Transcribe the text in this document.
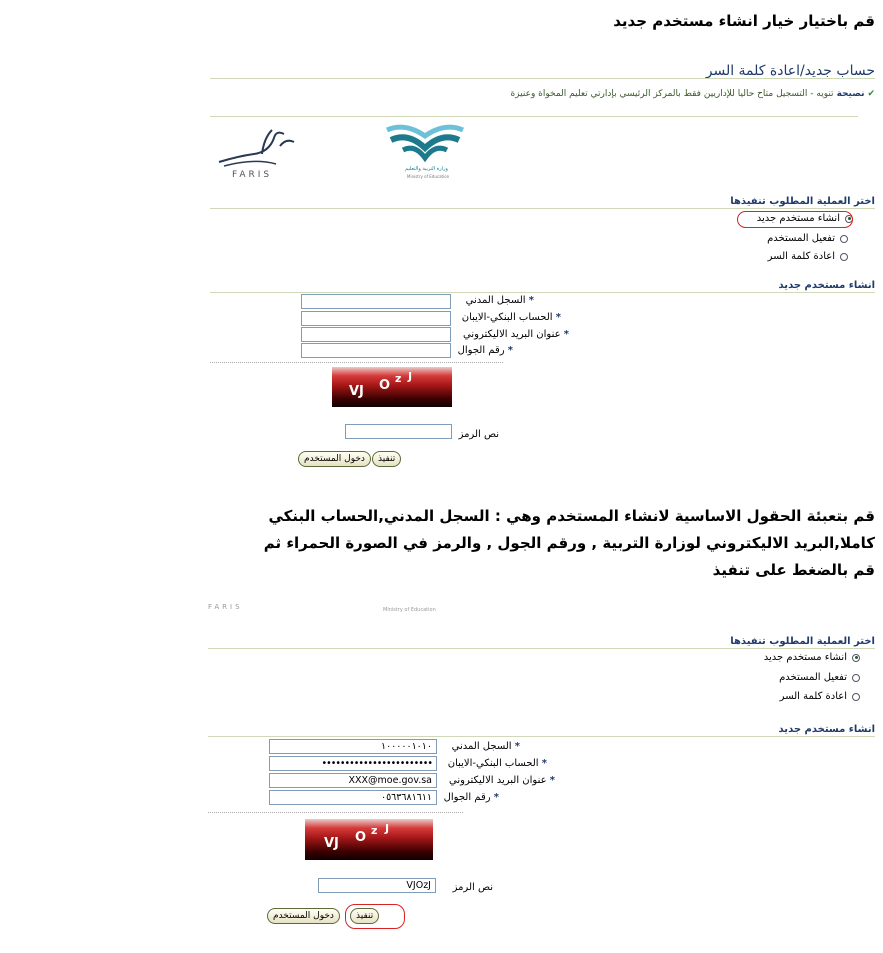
قم باختيار خيار انشاء مستخدم جديد
حساب جديد/اعادة كلمة السر
✔
نصيحة
تنويه - التسجيل متاح حاليا للإداريين فقط بالمركز الرئيسي بإدارتي تعليم المخواة وعنيزة
وزارة التربية والتعليم
Ministry of Education
FARIS
اختر العملية المطلوب تنفيذها
انشاء مستخدم جديد
تفعيل المستخدم
اعادة كلمة السر
انشاء مستخدم جديد
* السجل المدني
* الحساب البنكي-الايبان
* عنوان البريد الاليكتروني
* رقم الجوال
VJ O z J
نص الرمز
دخول المستخدم	تنفيذ
قم بتعبئة الحقول الاساسية لانشاء المستخدم وهي : السجل المدني,الحساب البنكي
كاملا,البريد الاليكتروني لوزارة التربية , ورقم الجول , والرمز في الصورة الحمراء ثم
قم بالضغط على تنفيذ
FARIS	Ministry of Education
اختر العملية المطلوب تنفيذها
انشاء مستخدم جديد
تفعيل المستخدم
اعادة كلمة السر
انشاء مستخدم جديد
١٠٠٠٠٠١٠١٠	* السجل المدني
••••••••••••••••••••••••	* الحساب البنكي-الايبان
XXX@moe.gov.sa	* عنوان البريد الاليكتروني
٠٥٦٣٦٨١٦١١	* رقم الجوال
VJ O z J
VJOzJ	نص الرمز
دخول المستخدم	تنفيذ
